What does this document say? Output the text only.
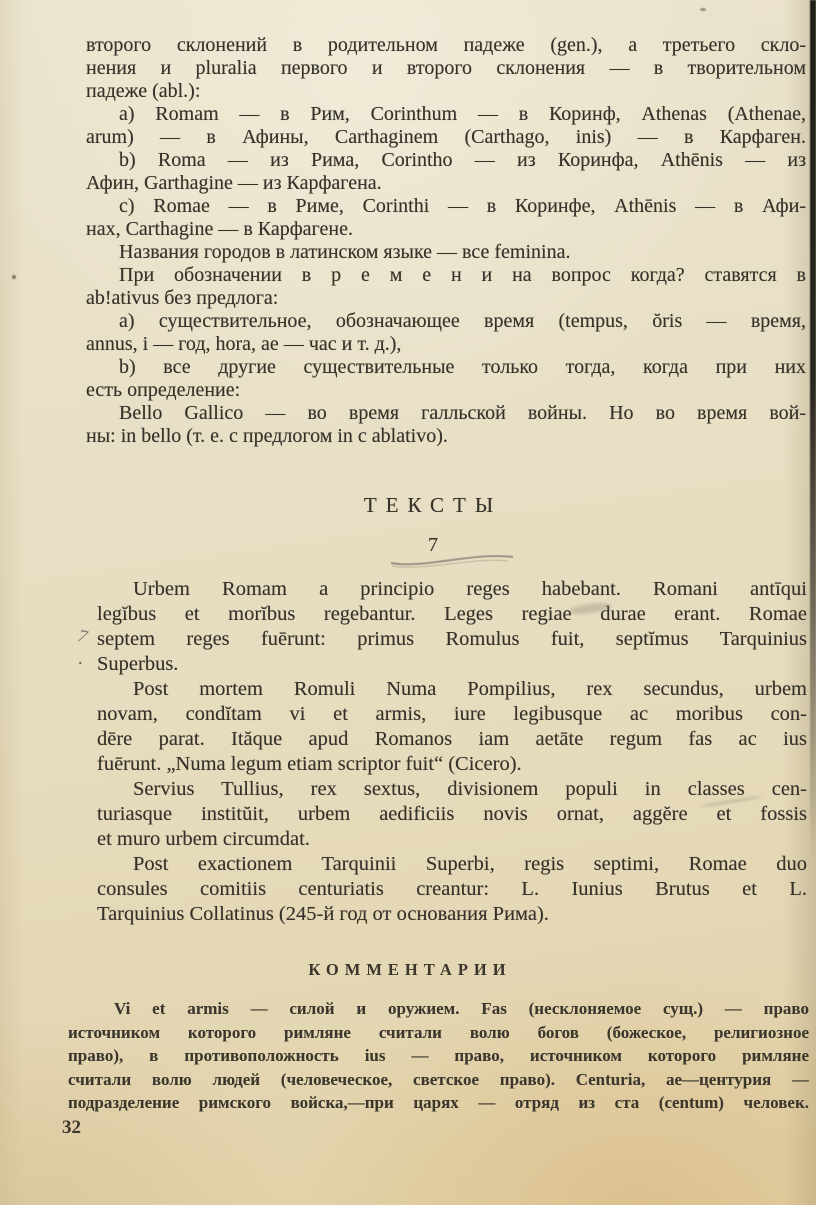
второго склонений в родительном падеже (gen.), а третьего скло-
нения и pluralia первого и второго склонения — в творительном
падеже (abl.):
a) Romam — в Рим, Corinthum — в Коринф, Athenas (Athenae,
arum) — в Афины, Carthaginem (Carthago, inis) — в Карфаген.
b) Roma — из Рима, Corintho — из Коринфа, Athēnis — из
Афин, Garthagine — из Карфагена.
c) Romae — в Риме, Corinthi — в Коринфе, Athēnis — в Афи-
нах, Carthagine — в Карфагене.
Названия городов в латинском языке — все feminina.
При обозначении в р е м е н и на вопрос когда? ставятся в
ab!ativus без предлога:
a) существительное, обозначающее время (tempus, ŏris — время,
annus, i — год, hora, ae — час и т. д.),
b) все другие существительные только тогда, когда при них
есть определение:
Bello Gallico — во время галльской войны. Но во время вой-
ны: in bello (т. е. с предлогом in с ablativo).
ТЕКСТЫ
7
Urbem Romam a principio reges habebant. Romani antīqui
legĭbus et morĭbus regebantur. Leges regiae durae erant. Romae
septem reges fuērunt: primus Romulus fuit, septĭmus Tarquinius
Superbus.
Post mortem Romuli Numa Pompilius, rex secundus, urbem
novam, condĭtam vi et armis, iure legibusque ac moribus con-
dēre parat. Ităque apud Romanos iam aetāte regum fas ac ius
fuērunt. „Numa legum etiam scriptor fuit“ (Cicero).
Servius Tullius, rex sextus, divisionem populi in classes cen-
turiasque institŭit, urbem aedificiis novis ornat, aggĕre et fossis
et muro urbem circumdat.
Post exactionem Tarquinii Superbi, regis septimi, Romae duo
consules comitiis centuriatis creantur: L. Iunius Brutus et L.
Tarquinius Collatinus (245-й год от основания Рима).
КОММЕНТАРИИ
Vi et armis — силой и оружием. Fas (несклоняемое сущ.) — право
источником которого римляне считали волю богов (божеское, религиозное
право), в противоположность ius — право, источником которого римляне
считали волю людей (человеческое, светское право). Centuria, ae—центурия —
подразделение римского войска,—при царях — отряд из ста (centum) человек.
32
7
.
